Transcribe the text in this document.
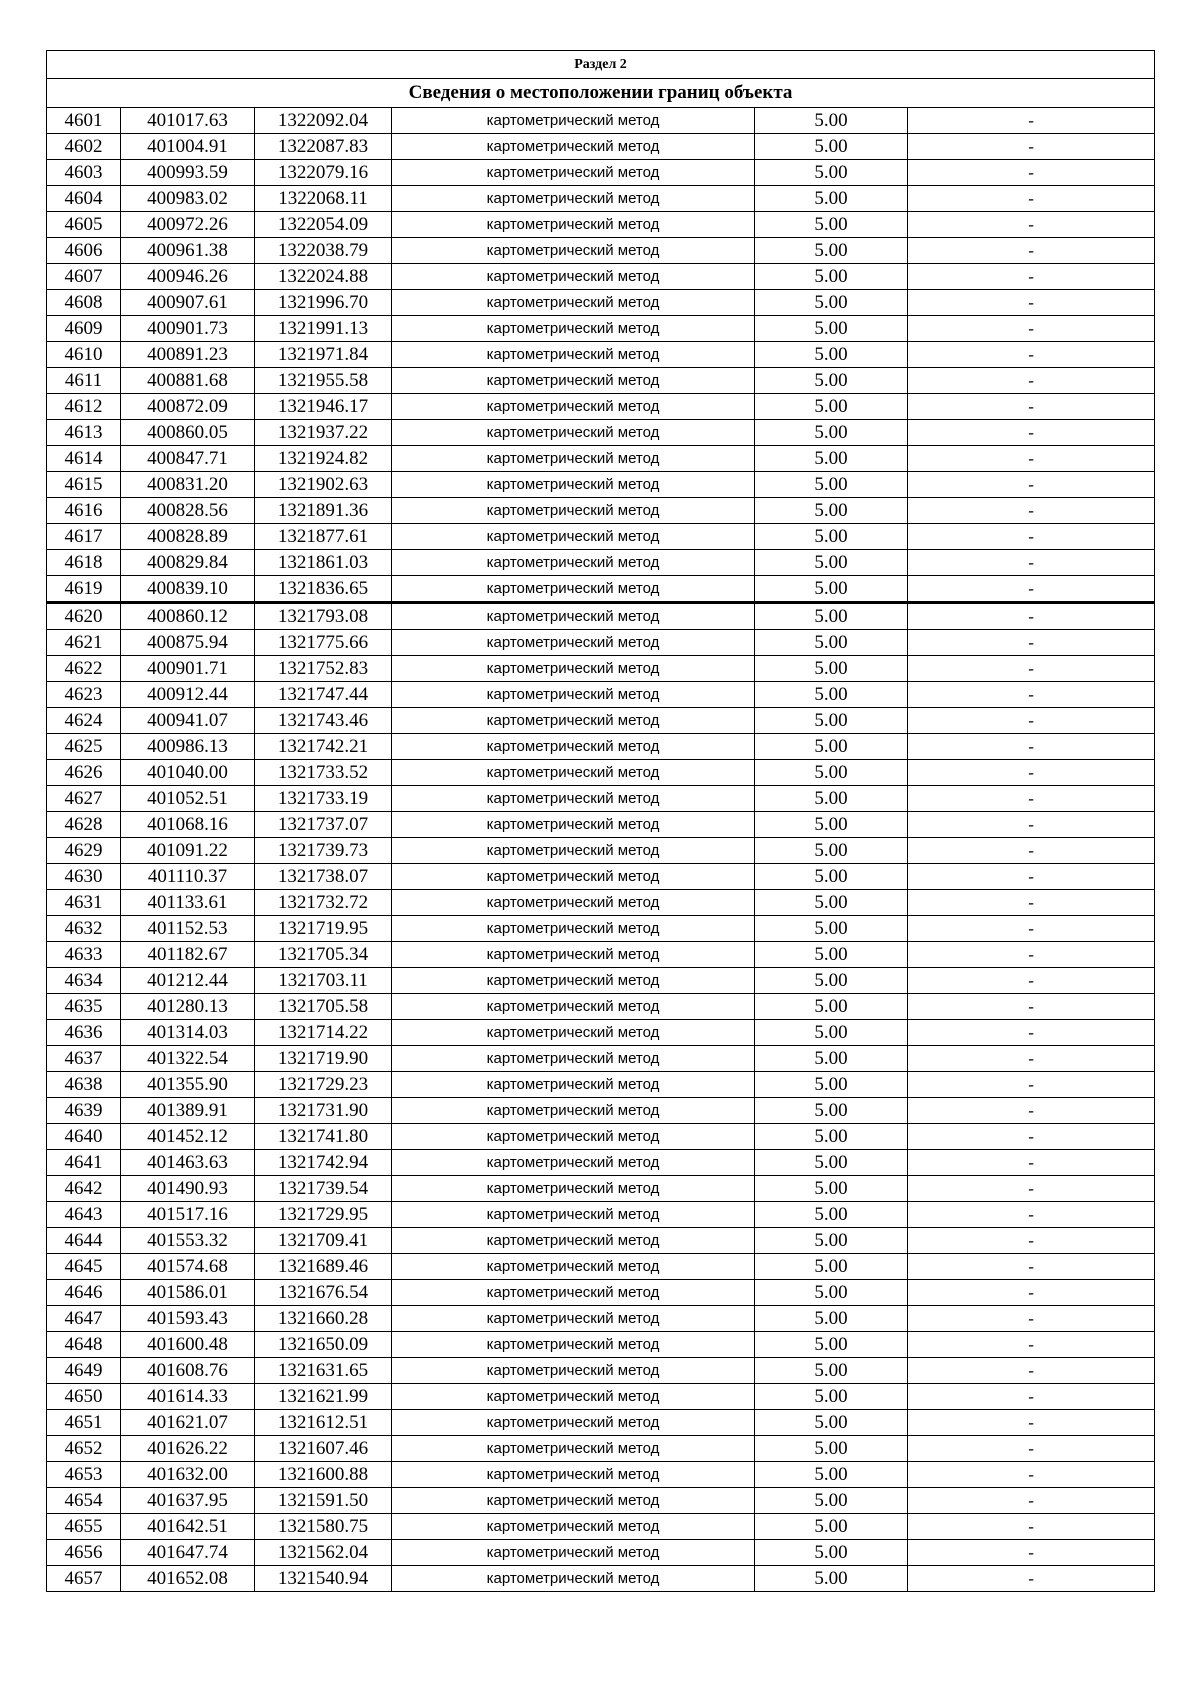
Раздел 2					
Сведения о местоположении границ объекта					
4601	401017.63	1322092.04	картометрический метод	5.00	-
4602	401004.91	1322087.83	картометрический метод	5.00	-
4603	400993.59	1322079.16	картометрический метод	5.00	-
4604	400983.02	1322068.11	картометрический метод	5.00	-
4605	400972.26	1322054.09	картометрический метод	5.00	-
4606	400961.38	1322038.79	картометрический метод	5.00	-
4607	400946.26	1322024.88	картометрический метод	5.00	-
4608	400907.61	1321996.70	картометрический метод	5.00	-
4609	400901.73	1321991.13	картометрический метод	5.00	-
4610	400891.23	1321971.84	картометрический метод	5.00	-
4611	400881.68	1321955.58	картометрический метод	5.00	-
4612	400872.09	1321946.17	картометрический метод	5.00	-
4613	400860.05	1321937.22	картометрический метод	5.00	-
4614	400847.71	1321924.82	картометрический метод	5.00	-
4615	400831.20	1321902.63	картометрический метод	5.00	-
4616	400828.56	1321891.36	картометрический метод	5.00	-
4617	400828.89	1321877.61	картометрический метод	5.00	-
4618	400829.84	1321861.03	картометрический метод	5.00	-
4619	400839.10	1321836.65	картометрический метод	5.00	-
4620	400860.12	1321793.08	картометрический метод	5.00	-
4621	400875.94	1321775.66	картометрический метод	5.00	-
4622	400901.71	1321752.83	картометрический метод	5.00	-
4623	400912.44	1321747.44	картометрический метод	5.00	-
4624	400941.07	1321743.46	картометрический метод	5.00	-
4625	400986.13	1321742.21	картометрический метод	5.00	-
4626	401040.00	1321733.52	картометрический метод	5.00	-
4627	401052.51	1321733.19	картометрический метод	5.00	-
4628	401068.16	1321737.07	картометрический метод	5.00	-
4629	401091.22	1321739.73	картометрический метод	5.00	-
4630	401110.37	1321738.07	картометрический метод	5.00	-
4631	401133.61	1321732.72	картометрический метод	5.00	-
4632	401152.53	1321719.95	картометрический метод	5.00	-
4633	401182.67	1321705.34	картометрический метод	5.00	-
4634	401212.44	1321703.11	картометрический метод	5.00	-
4635	401280.13	1321705.58	картометрический метод	5.00	-
4636	401314.03	1321714.22	картометрический метод	5.00	-
4637	401322.54	1321719.90	картометрический метод	5.00	-
4638	401355.90	1321729.23	картометрический метод	5.00	-
4639	401389.91	1321731.90	картометрический метод	5.00	-
4640	401452.12	1321741.80	картометрический метод	5.00	-
4641	401463.63	1321742.94	картометрический метод	5.00	-
4642	401490.93	1321739.54	картометрический метод	5.00	-
4643	401517.16	1321729.95	картометрический метод	5.00	-
4644	401553.32	1321709.41	картометрический метод	5.00	-
4645	401574.68	1321689.46	картометрический метод	5.00	-
4646	401586.01	1321676.54	картометрический метод	5.00	-
4647	401593.43	1321660.28	картометрический метод	5.00	-
4648	401600.48	1321650.09	картометрический метод	5.00	-
4649	401608.76	1321631.65	картометрический метод	5.00	-
4650	401614.33	1321621.99	картометрический метод	5.00	-
4651	401621.07	1321612.51	картометрический метод	5.00	-
4652	401626.22	1321607.46	картометрический метод	5.00	-
4653	401632.00	1321600.88	картометрический метод	5.00	-
4654	401637.95	1321591.50	картометрический метод	5.00	-
4655	401642.51	1321580.75	картометрический метод	5.00	-
4656	401647.74	1321562.04	картометрический метод	5.00	-
4657	401652.08	1321540.94	картометрический метод	5.00	-
